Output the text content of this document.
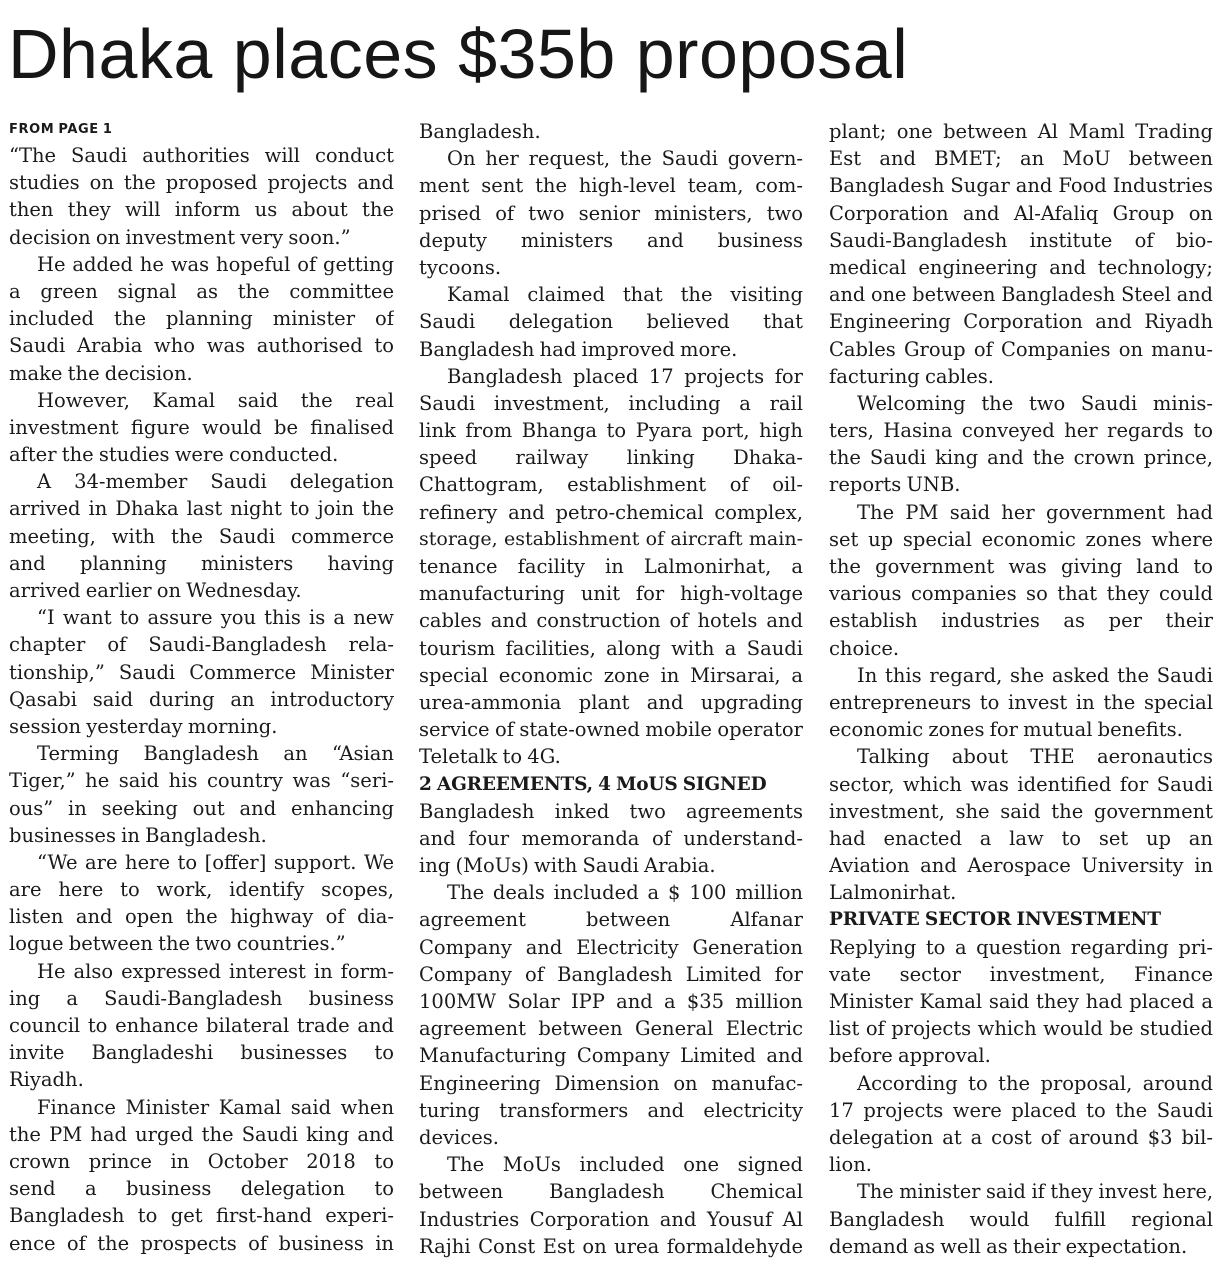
Dhaka places $35b proposal
FROM PAGE 1
“The Saudi authorities will conduct
studies on the proposed projects and
then they will inform us about the
decision on investment very soon.”
He added he was hopeful of getting
a green signal as the committee
included the planning minister of
Saudi Arabia who was authorised to
make the decision.
However, Kamal said the real
investment figure would be finalised
after the studies were conducted.
A 34-member Saudi delegation
arrived in Dhaka last night to join the
meeting, with the Saudi commerce
and planning ministers having
arrived earlier on Wednesday.
“I want to assure you this is a new
chapter of Saudi-Bangladesh rela-
tionship,” Saudi Commerce Minister
Qasabi said during an introductory
session yesterday morning.
Terming Bangladesh an “Asian
Tiger,” he said his country was “seri-
ous” in seeking out and enhancing
businesses in Bangladesh.
“We are here to [offer] support. We
are here to work, identify scopes,
listen and open the highway of dia-
logue between the two countries.”
He also expressed interest in form-
ing a Saudi-Bangladesh business
council to enhance bilateral trade and
invite Bangladeshi businesses to
Riyadh.
Finance Minister Kamal said when
the PM had urged the Saudi king and
crown prince in October 2018 to
send a business delegation to
Bangladesh to get first-hand experi-
ence of the prospects of business in
Bangladesh.
On her request, the Saudi govern-
ment sent the high-level team, com-
prised of two senior ministers, two
deputy ministers and business
tycoons.
Kamal claimed that the visiting
Saudi delegation believed that
Bangladesh had improved more.
Bangladesh placed 17 projects for
Saudi investment, including a rail
link from Bhanga to Pyara port, high
speed railway linking Dhaka-
Chattogram, establishment of oil-
refinery and petro-chemical complex,
storage, establishment of aircraft main-
tenance facility in Lalmonirhat, a
manufacturing unit for high-voltage
cables and construction of hotels and
tourism facilities, along with a Saudi
special economic zone in Mirsarai, a
urea-ammonia plant and upgrading
service of state-owned mobile operator
Teletalk to 4G.
2 AGREEMENTS, 4 MoUS SIGNED
Bangladesh inked two agreements
and four memoranda of understand-
ing (MoUs) with Saudi Arabia.
The deals included a $ 100 million
agreement between Alfanar
Company and Electricity Generation
Company of Bangladesh Limited for
100MW Solar IPP and a $35 million
agreement between General Electric
Manufacturing Company Limited and
Engineering Dimension on manufac-
turing transformers and electricity
devices.
The MoUs included one signed
between Bangladesh Chemical
Industries Corporation and Yousuf Al
Rajhi Const Est on urea formaldehyde
plant; one between Al Maml Trading
Est and BMET; an MoU between
Bangladesh Sugar and Food Industries
Corporation and Al-Afaliq Group on
Saudi-Bangladesh institute of bio-
medical engineering and technology;
and one between Bangladesh Steel and
Engineering Corporation and Riyadh
Cables Group of Companies on manu-
facturing cables.
Welcoming the two Saudi minis-
ters, Hasina conveyed her regards to
the Saudi king and the crown prince,
reports UNB.
The PM said her government had
set up special economic zones where
the government was giving land to
various companies so that they could
establish industries as per their
choice.
In this regard, she asked the Saudi
entrepreneurs to invest in the special
economic zones for mutual benefits.
Talking about THE aeronautics
sector, which was identified for Saudi
investment, she said the government
had enacted a law to set up an
Aviation and Aerospace University in
Lalmonirhat.
PRIVATE SECTOR INVESTMENT
Replying to a question regarding pri-
vate sector investment, Finance
Minister Kamal said they had placed a
list of projects which would be studied
before approval.
According to the proposal, around
17 projects were placed to the Saudi
delegation at a cost of around $3 bil-
lion.
The minister said if they invest here,
Bangladesh would fulfill regional
demand as well as their expectation.
